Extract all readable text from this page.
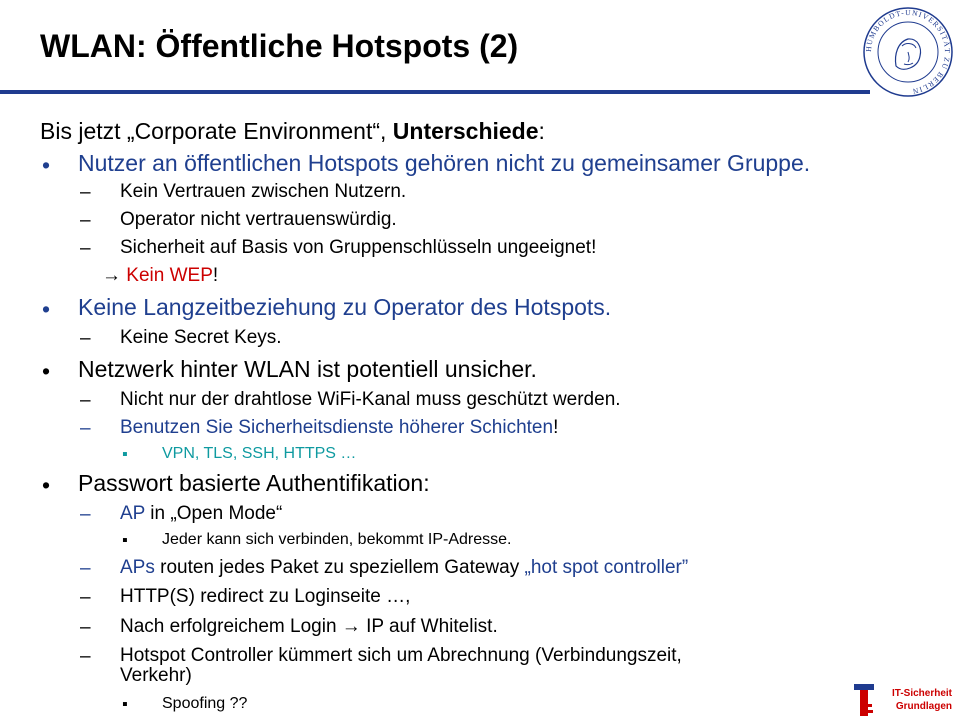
WLAN: Öffentliche Hotspots (2)	HUMBOLDT-UNIVERSITÄT ZU BERLIN
Bis jetzt „Corporate Environment“, Unterschiede:
• Nutzer an öffentlichen Hotspots gehören nicht zu gemeinsamer Gruppe.
– Kein Vertrauen zwischen Nutzern.
– Operator nicht vertrauenswürdig.
– Sicherheit auf Basis von Gruppenschlüsseln ungeeignet!
→ Kein WEP!
• Keine Langzeitbeziehung zu Operator des Hotspots.
– Keine Secret Keys.
• Netzwerk hinter WLAN ist potentiell unsicher.
– Nicht nur der drahtlose WiFi-Kanal muss geschützt werden.
– Benutzen Sie Sicherheitsdienste höherer Schichten!
▪ VPN, TLS, SSH, HTTPS …
• Passwort basierte Authentifikation:
– AP in „Open Mode“
▪ Jeder kann sich verbinden, bekommt IP-Adresse.
– APs routen jedes Paket zu speziellem Gateway „hot spot controller”
– HTTP(S) redirect zu Loginseite …,
– Nach erfolgreichem Login → IP auf Whitelist.
– Hotspot Controller kümmert sich um Abrechnung (Verbindungszeit,
Verkehr)
▪ Spoofing ??
IT-Sicherheit
Grundlagen
